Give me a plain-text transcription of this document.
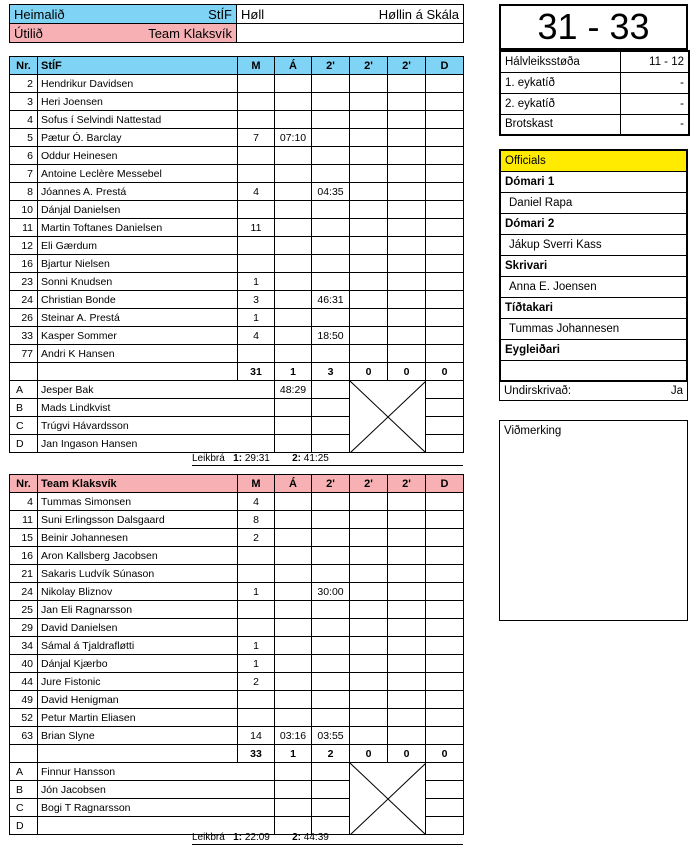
Heimalið StÍF	Høll Høllin á Skála

Útilið Team Klaksvík	

Nr.	StÍF	M	Á	2'	2'	2'	D
2	Hendrikur Davidsen						
3	Heri Joensen						
4	Sofus í Selvindi Nattestad						
5	Pætur Ó. Barclay	7	07:10				
6	Oddur Heinesen						
7	Antoine Leclère Messebel						
8	Jóannes A. Prestá	4		04:35			
10	Dánjal Danielsen						
11	Martin Toftanes Danielsen	11					
12	Eli Gærdum						
16	Bjartur Nielsen						
23	Sonni Knudsen	1					
24	Christian Bonde	3		46:31			
26	Steinar A. Prestá	1					
33	Kasper Sommer	4		18:50			
77	Andri K Hansen						
		31	1	3	0	0	0
A	Jesper Bak		48:29				
B	Mads Lindkvist						
C	Trúgvi Hávardsson						
D	Jan Ingason Hansen						
Leikbrá 1: 29:31 2: 41:25
Nr.	Team Klaksvík	M	Á	2'	2'	2'	D
4	Tummas Simonsen	4					
11	Suni Erlingsson Dalsgaard	8					
15	Beinir Johannesen	2					
16	Aron Kallsberg Jacobsen						
21	Sakaris Ludvík Súnason						
24	Nikolay Bliznov	1		30:00			
25	Jan Eli Ragnarsson						
29	David Danielsen						
34	Sámal á Tjaldrafløtti	1					
40	Dánjal Kjærbo	1					
44	Jure Fistonic	2					
49	David Henigman						
52	Petur Martin Eliasen						
63	Brian Slyne	14	03:16	03:55			
		33	1	2	0	0	0
A	Finnur Hansson						
B	Jón Jacobsen						
C	Bogi T Ragnarsson						
D							
Leikbrá 1: 22:09 2: 44:39
31 - 33
Hálvleiksstøða	11 - 12
1. eykatíð	-
2. eykatíð	-
Brotskast	-
Officials
Dómari 1
Daniel Rapa
Dómari 2
Jákup Sverri Kass
Skrivari
Anna E. Joensen
Tíðtakari
Tummas Johannesen
Eygleiðari

Undirskrivað:	Ja
Viðmerking
